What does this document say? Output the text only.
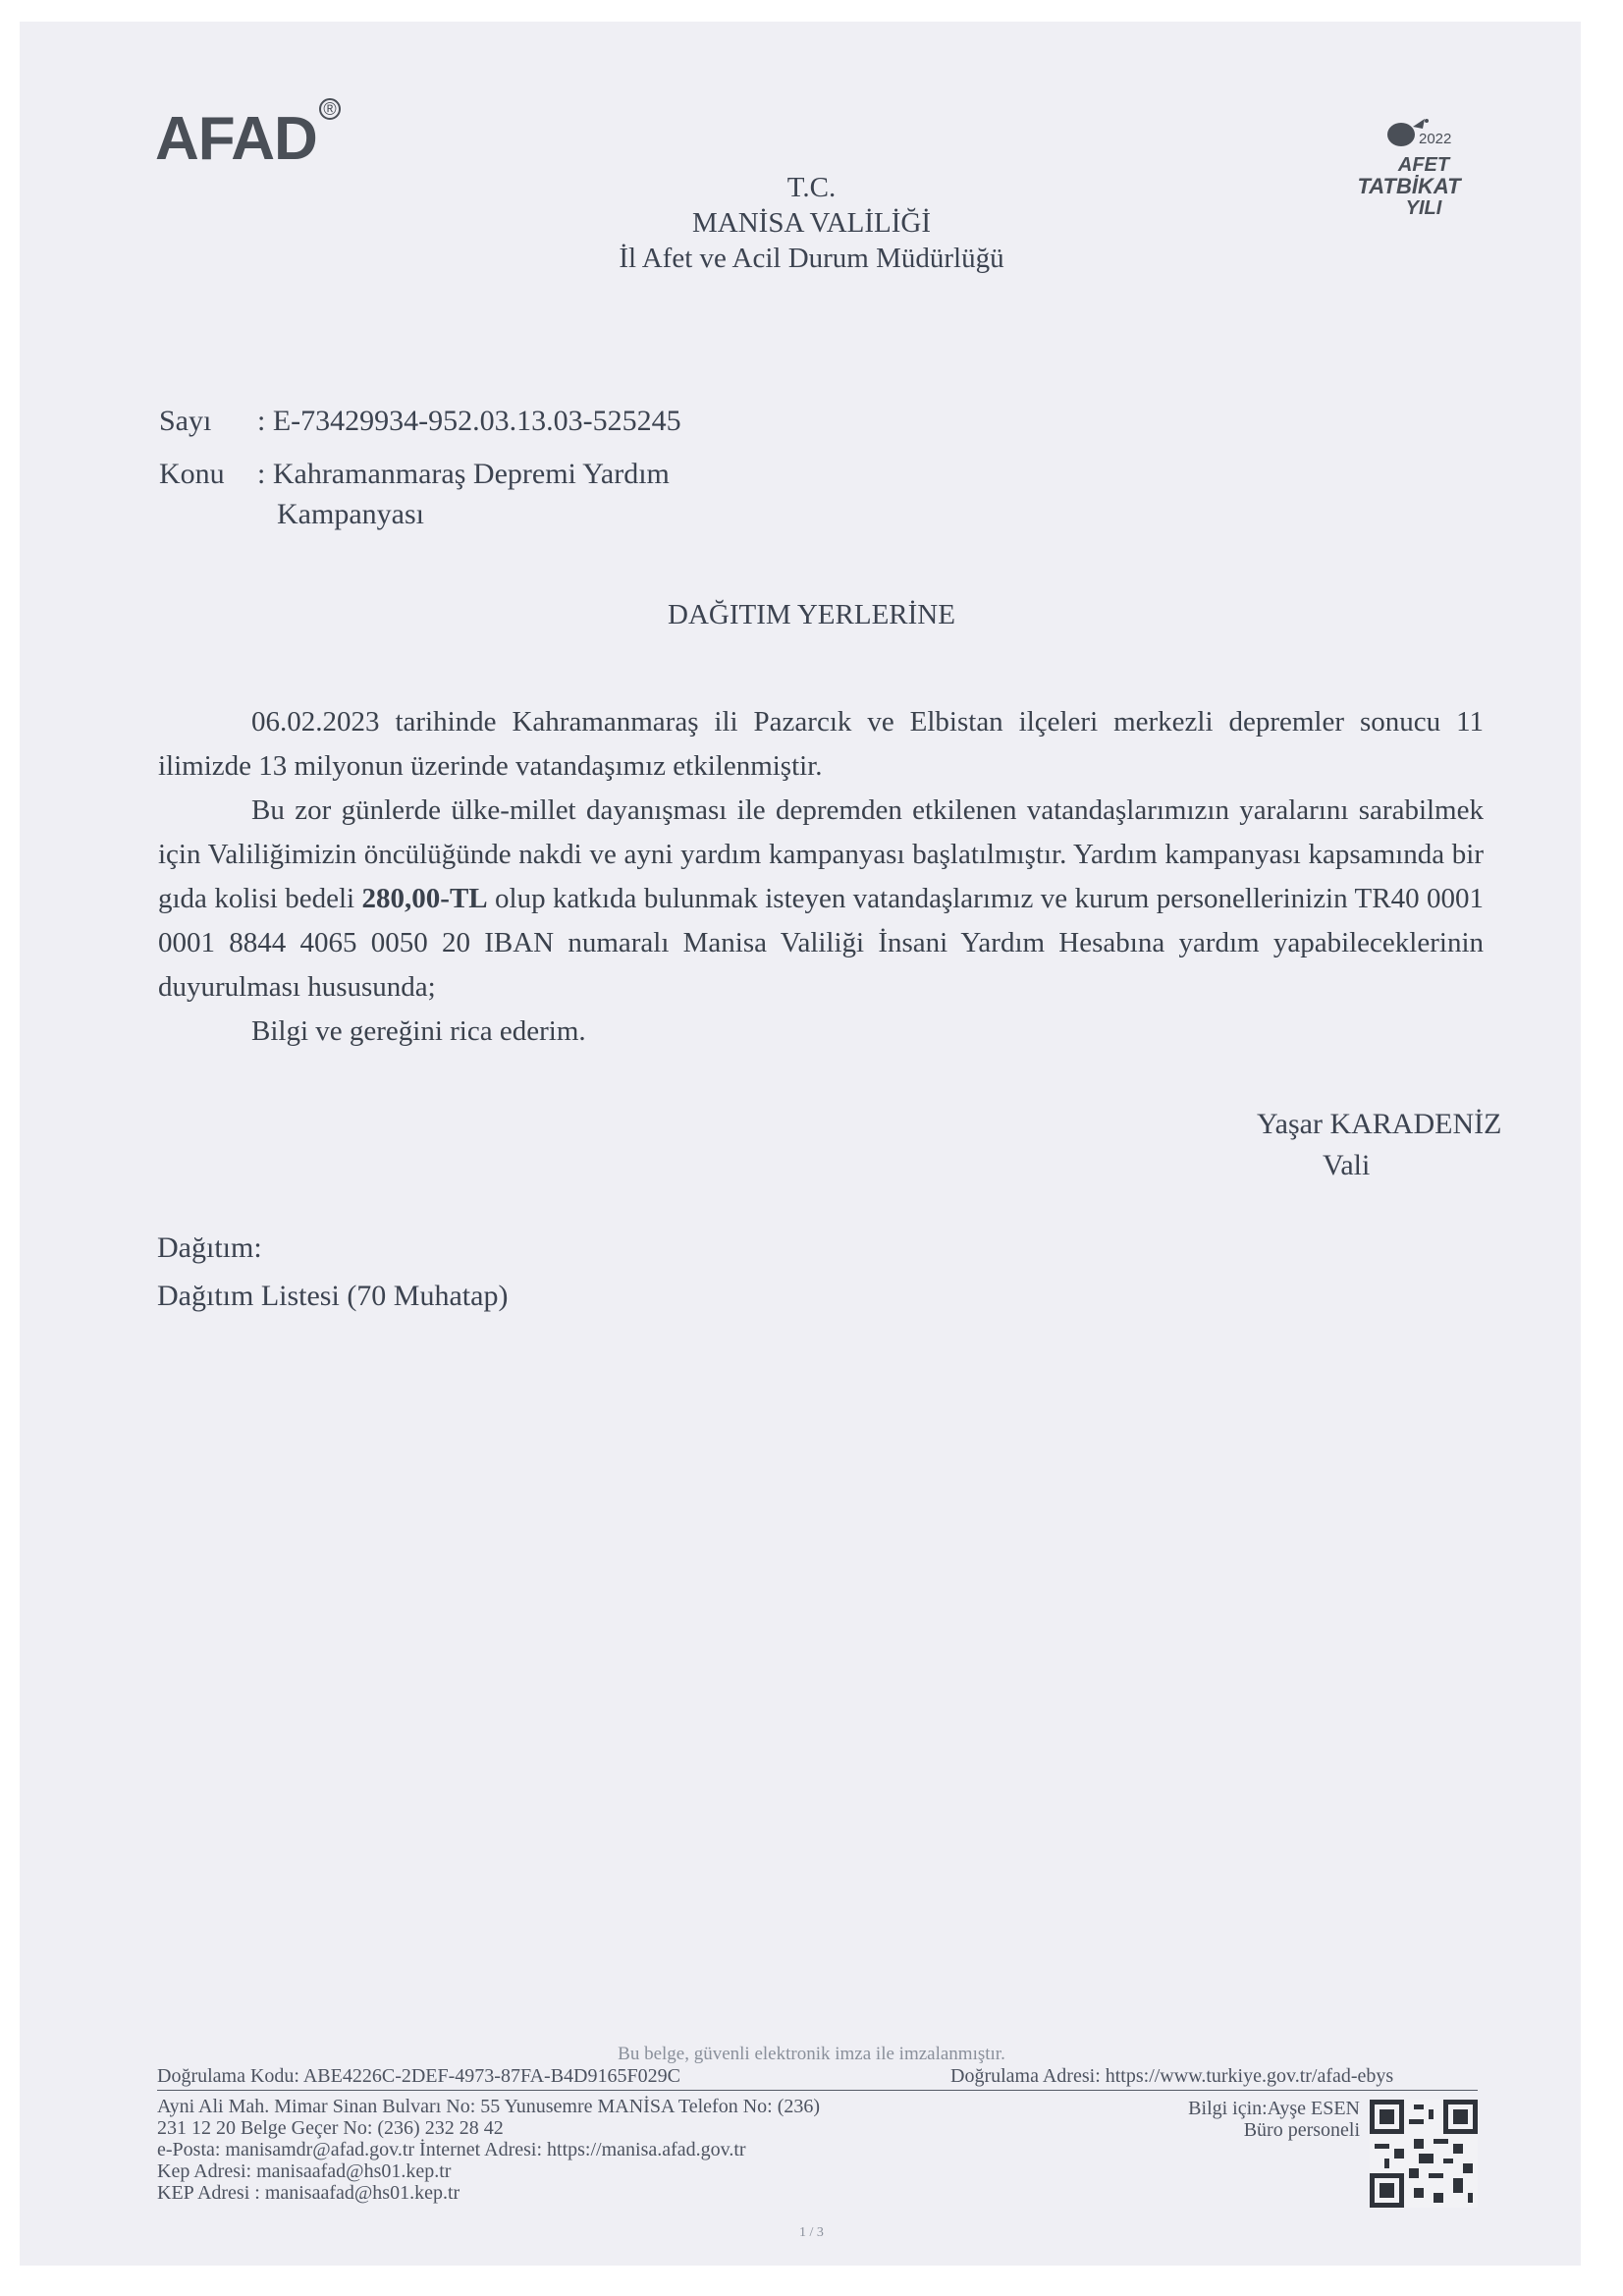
AFAD ®
2022
AFET
TATBİKAT
YILI
T.C.
MANİSA VALİLİĞİ
İl Afet ve Acil Durum Müdürlüğü
Sayı : E-73429934-952.03.13.03-525245
Konu : Kahramanmaraş Depremi Yardım
Kampanyası
DAĞITIM YERLERİNE
06.02.2023 tarihinde Kahramanmaraş ili Pazarcık ve Elbistan ilçeleri merkezli depremler sonucu 11 ilimizde 13 milyonun üzerinde vatandaşımız etkilenmiştir.
Bu zor günlerde ülke-millet dayanışması ile depremden etkilenen vatandaşlarımızın yaralarını sarabilmek için Valiliğimizin öncülüğünde nakdi ve ayni yardım kampanyası başlatılmıştır. Yardım kampanyası kapsamında bir gıda kolisi bedeli 280,00-TL olup katkıda bulunmak isteyen vatandaşlarımız ve kurum personellerinizin TR40 0001 0001 8844 4065 0050 20 IBAN numaralı Manisa Valiliği İnsani Yardım Hesabına yardım yapabileceklerinin duyurulması hususunda;
Bilgi ve gereğini rica ederim.
Yaşar KARADENİZ
Vali
Dağıtım:
Dağıtım Listesi (70 Muhatap)
Bu belge, güvenli elektronik imza ile imzalanmıştır.
Doğrulama Kodu: ABE4226C-2DEF-4973-87FA-B4D9165F029C	Doğrulama Adresi: https://www.turkiye.gov.tr/afad-ebys
Ayni Ali Mah. Mimar Sinan Bulvarı No: 55 Yunusemre MANİSA Telefon No: (236)
231 12 20 Belge Geçer No: (236) 232 28 42
e-Posta: manisamdr@afad.gov.tr İnternet Adresi: https://manisa.afad.gov.tr
Kep Adresi: manisaafad@hs01.kep.tr
KEP Adresi : manisaafad@hs01.kep.tr
Bilgi için:Ayşe ESEN
Büro personeli
1 / 3
